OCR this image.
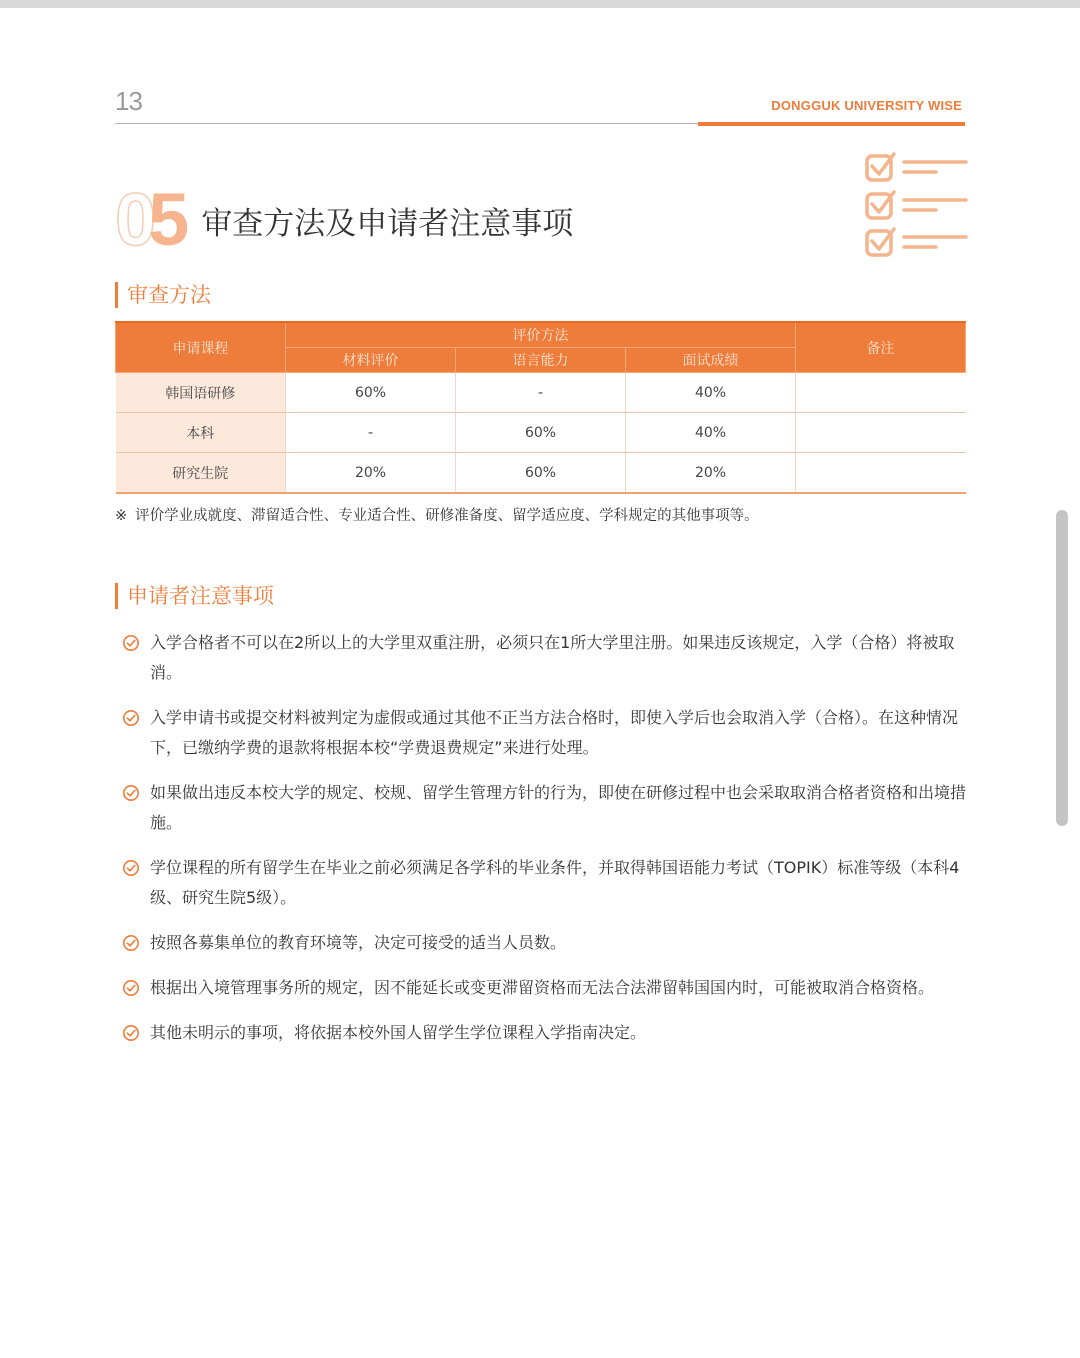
13	DONGGUK UNIVERSITY WISE
05 审查方法及申请者注意事项
审查方法
申请课程	评价方法			备注
	材料评价	语言能力	面试成绩	
韩国语研修	60%	-	40%	
本科	-	60%	40%	
研究生院	20%	60%	20%	
※ 评价学业成就度、滞留适合性、专业适合性、研修准备度、留学适应度、学科规定的其他事项等。
申请者注意事项
入学合格者不可以在2所以上的大学里双重注册，必须只在1所大学里注册。如果违反该规定，入学（合格）将被取消。
入学申请书或提交材料被判定为虚假或通过其他不正当方法合格时，即使入学后也会取消入学（合格）。在这种情况下，已缴纳学费的退款将根据本校“学费退费规定”来进行处理。
如果做出违反本校大学的规定、校规、留学生管理方针的行为，即使在研修过程中也会采取取消合格者资格和出境措施。
学位课程的所有留学生在毕业之前必须满足各学科的毕业条件，并取得韩国语能力考试（TOPIK）标准等级（本科4级、研究生院5级）。
按照各募集单位的教育环境等，决定可接受的适当人员数。
根据出入境管理事务所的规定，因不能延长或变更滞留资格而无法合法滞留韩国国内时，可能被取消合格资格。
其他未明示的事项，将依据本校外国人留学生学位课程入学指南决定。
